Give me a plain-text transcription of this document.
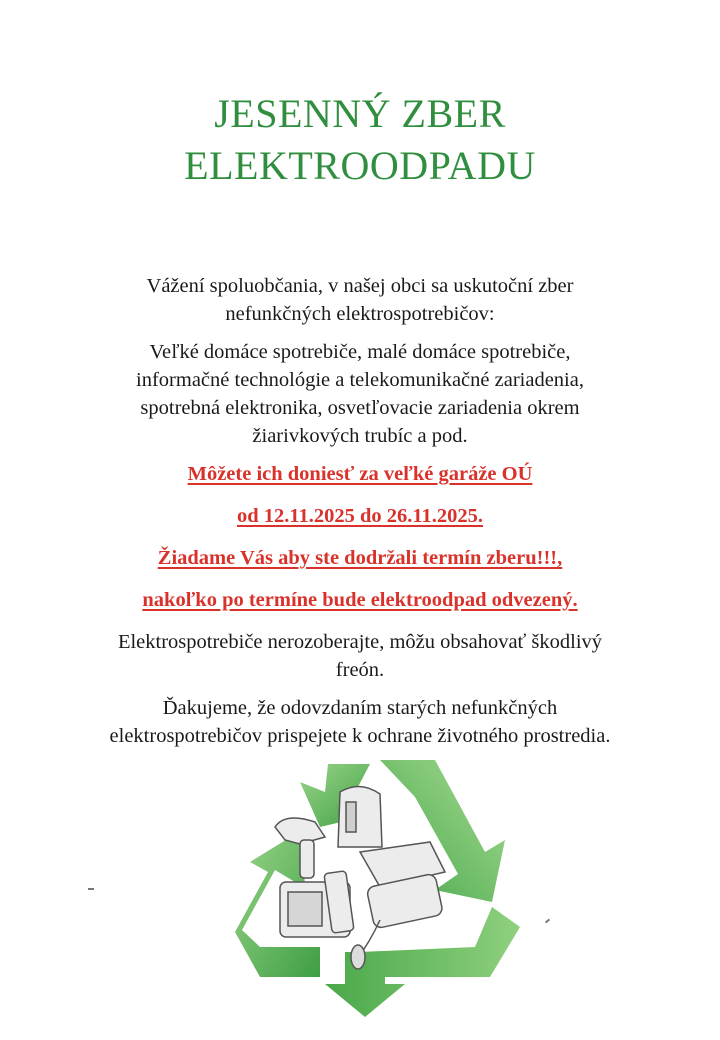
JESENNÝ ZBER
ELEKTROODPADU

Vážení spoluobčania, v našej obci sa uskutoční zber
nefunkčných elektrospotrebičov:

Veľké domáce spotrebiče, malé domáce spotrebiče,
informačné technológie a telekomunikačné zariadenia,
spotrebná elektronika, osvetľovacie zariadenia okrem
žiarivkových trubíc a pod.

Môžete ich doniesť za veľké garáže OÚ

od 12.11.2025 do 26.11.2025.

Žiadame Vás aby ste dodržali termín zberu!!!,

nakoľko po termíne bude elektroodpad odvezený.

Elektrospotrebiče nerozoberajte, môžu obsahovať škodlivý
freón.

Ďakujeme, že odovzdaním starých nefunkčných
elektrospotrebičov prispejete k ochrane životného prostredia.
